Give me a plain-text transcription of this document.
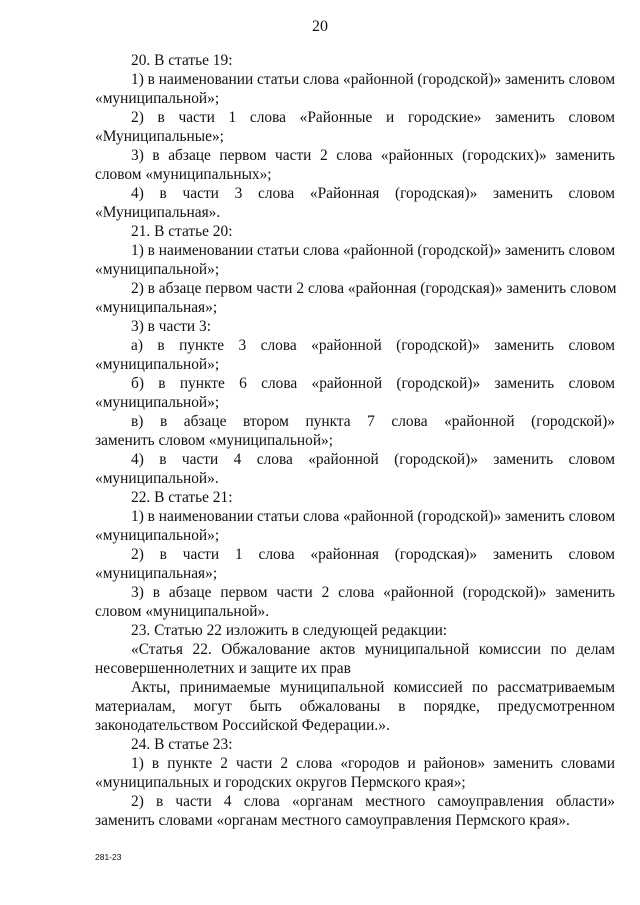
20
20. В статье 19:
1) в наименовании статьи слова «районной (городской)» заменить словом
«муниципальной»;
2) в части 1 слова «Районные и городские» заменить словом
«Муниципальные»;
3) в абзаце первом части 2 слова «районных (городских)» заменить
словом «муниципальных»;
4) в части 3 слова «Районная (городская)» заменить словом
«Муниципальная».
21. В статье 20:
1) в наименовании статьи слова «районной (городской)» заменить словом
«муниципальной»;
2) в абзаце первом части 2 слова «районная (городская)» заменить словом
«муниципальная»;
3) в части 3:
а) в пункте 3 слова «районной (городской)» заменить словом
«муниципальной»;
б) в пункте 6 слова «районной (городской)» заменить словом
«муниципальной»;
в) в абзаце втором пункта 7 слова «районной (городской)»
заменить словом «муниципальной»;
4) в части 4 слова «районной (городской)» заменить словом
«муниципальной».
22. В статье 21:
1) в наименовании статьи слова «районной (городской)» заменить словом
«муниципальной»;
2) в части 1 слова «районная (городская)» заменить словом
«муниципальная»;
3) в абзаце первом части 2 слова «районной (городской)» заменить
словом «муниципальной».
23. Статью 22 изложить в следующей редакции:
«Статья 22. Обжалование актов муниципальной комиссии по делам
несовершеннолетних и защите их прав
Акты, принимаемые муниципальной комиссией по рассматриваемым
материалам, могут быть обжалованы в порядке, предусмотренном
законодательством Российской Федерации.».
24. В статье 23:
1) в пункте 2 части 2 слова «городов и районов» заменить словами
«муниципальных и городских округов Пермского края»;
2) в части 4 слова «органам местного самоуправления области»
заменить словами «органам местного самоуправления Пермского края».
281-23
